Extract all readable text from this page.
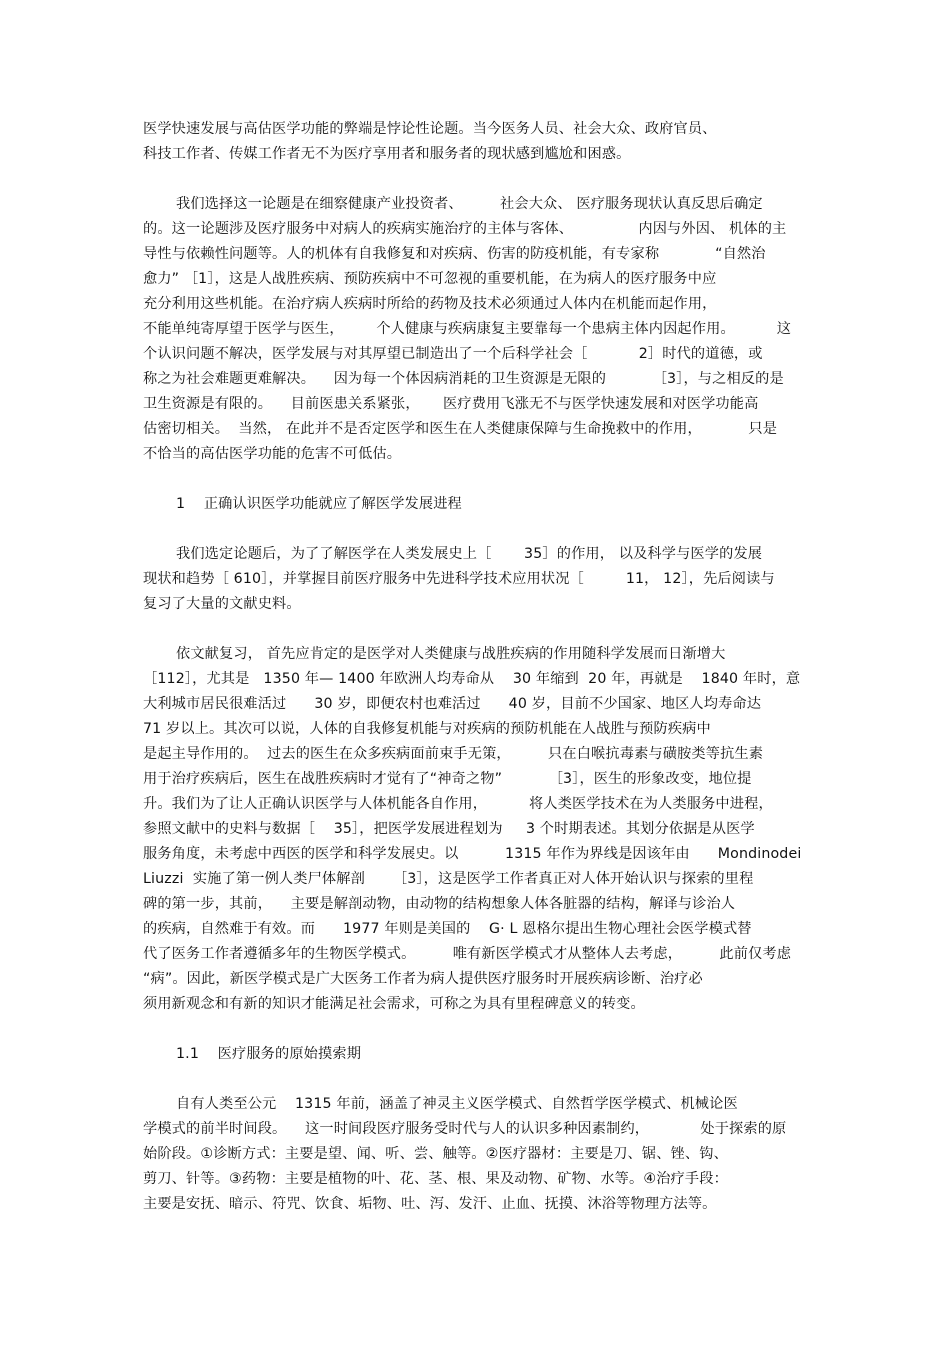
医学快速发展与高估医学功能的弊端是悖论性论题。当今医务人员、社会大众、政府官员、
科技工作者、传媒工作者无不为医疗享用者和服务者的现状感到尴尬和困惑。
我们选择这一论题是在细察健康产业投资者、        社会大众、 医疗服务现状认真反思后确定
的。这一论题涉及医疗服务中对病人的疾病实施治疗的主体与客体、              内因与外因、 机体的主
导性与依赖性问题等。人的机体有自我修复和对疾病、伤害的防疫机能，有专家称            “自然治
愈力” ［1］，这是人战胜疾病、预防疾病中不可忽视的重要机能，在为病人的医疗服务中应
充分利用这些机能。在治疗病人疾病时所给的药物及技术必须通过人体内在机能而起作用，
不能单纯寄厚望于医学与医生，       个人健康与疾病康复主要靠每一个患病主体内因起作用。         这
个认识问题不解决，医学发展与对其厚望已制造出了一个后科学社会［           2］时代的道德，或
称之为社会难题更难解决。    因为每一个体因病消耗的卫生资源是无限的          ［3］，与之相反的是
卫生资源是有限的。    目前医患关系紧张，     医疗费用飞涨无不与医学快速发展和对医学功能高
估密切相关。  当然， 在此并不是否定医学和医生在人类健康保障与生命挽救中的作用，          只是
不恰当的高估医学功能的危害不可低估。
1    正确认识医学功能就应了解医学发展进程
我们选定论题后，为了了解医学在人类发展史上［       35］的作用， 以及科学与医学的发展
现状和趋势［ 610］，并掌握目前医疗服务中先进科学技术应用状况［         11， 12］，先后阅读与
复习了大量的文献史料。
依文献复习， 首先应肯定的是医学对人类健康与战胜疾病的作用随科学发展而日渐增大
［112］，尤其是   1350 年— 1400 年欧洲人均寿命从    30 年缩到  20 年，再就是    1840 年时，意
大利城市居民很难活过      30 岁，即便农村也难活过      40 岁，目前不少国家、地区人均寿命达
71 岁以上。其次可以说，人体的自我修复机能与对疾病的预防机能在人战胜与预防疾病中
是起主导作用的。  过去的医生在众多疾病面前束手无策，        只在白喉抗毒素与磺胺类等抗生素
用于治疗疾病后，医生在战胜疾病时才觉有了“神奇之物”          ［3］，医生的形象改变，地位提
升。我们为了让人正确认识医学与人体机能各自作用，         将人类医学技术在为人类服务中进程，
参照文献中的史料与数据［    35］，把医学发展进程划为     3 个时期表述。其划分依据是从医学
服务角度，未考虑中西医的医学和科学发展史。以          1315 年作为界线是因该年由      Mondinodei
Liuzzi  实施了第一例人类尸体解剖      ［3］，这是医学工作者真正对人体开始认识与探索的里程
碑的第一步，其前，    主要是解剖动物，由动物的结构想象人体各脏器的结构，解译与诊治人
的疾病，自然难于有效。而      1977 年则是美国的    G· L 恩格尔提出生物心理社会医学模式替
代了医务工作者遵循多年的生物医学模式。        唯有新医学模式才从整体人去考虑，        此前仅考虑
“病”。因此，新医学模式是广大医务工作者为病人提供医疗服务时开展疾病诊断、治疗必
须用新观念和有新的知识才能满足社会需求，可称之为具有里程碑意义的转变。
1.1    医疗服务的原始摸索期
自有人类至公元    1315 年前，涵盖了神灵主义医学模式、自然哲学医学模式、机械论医
学模式的前半时间段。    这一时间段医疗服务受时代与人的认识多种因素制约，           处于探索的原
始阶段。①诊断方式：主要是望、闻、听、尝、触等。②医疗器材：主要是刀、锯、锉、钩、
剪刀、针等。③药物：主要是植物的叶、花、茎、根、果及动物、矿物、水等。④治疗手段：
主要是安抚、暗示、符咒、饮食、垢物、吐、泻、发汗、止血、抚摸、沐浴等物理方法等。
